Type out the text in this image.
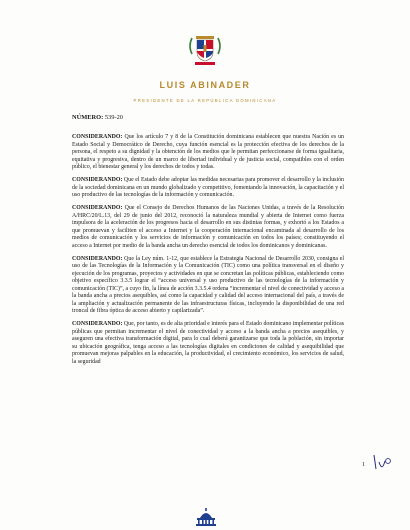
LUIS ABINADER
PRESIDENTE DE LA REPÚBLICA DOMINICANA
NÚMERO: 539-20

CONSIDERANDO: Que los artículo 7 y 8 de la Constitución dominicana establecen que nuestra Nación es un Estado Social y Democrático de Derecho, cuya función esencial es la protección efectiva de los derechos de la persona, el respeto a su dignidad y la obtención de los medios que le permitan perfeccionarse de forma igualitaria, equitativa y progresiva, dentro de un marco de libertad individual y de justicia social, compatibles con el orden público, el bienestar general y los derechos de todos y todas.

CONSIDERANDO: Que el Estado debe adoptar las medidas necesarias para promover el desarrollo y la inclusión de la sociedad dominicana en un mundo globalizado y competitivo, fomentando la innovación, la capacitación y el uso productivo de las tecnologías de la información y comunicación.

CONSIDERANDO: Que el Consejo de Derechos Humanos de las Naciones Unidas, a través de la Resolución A/HRC/20/L.13, del 29 de junio del 2012, reconoció la naturaleza mundial y abierta de Internet como fuerza impulsora de la aceleración de los progresos hacia el desarrollo en sus distintas formas, y exhortó a los Estados a que promuevan y faciliten el acceso a Internet y la cooperación internacional encaminada al desarrollo de los medios de comunicación y los servicios de información y comunicación en todos los países; constituyendo el acceso a Internet por medio de la banda ancha un derecho esencial de todos los dominicanos y dominicanas.

CONSIDERANDO: Que la Ley núm. 1-12, que establece la Estrategia Nacional de Desarrollo 2030, consigna el uso de las Tecnologías de la Información y la Comunicación (TIC) como una política transversal en el diseño y ejecución de los programas, proyectos y actividades en que se concretan las políticas públicas, estableciendo como objetivo específico 3.3.5 lograr el “acceso universal y uso productivo de las tecnologías de la información y comunicación (TIC)”, a cuyo fin, la línea de acción 3.3.5.4 ordena “incrementar el nivel de conectividad y acceso a la banda ancha a precios asequibles, así como la capacidad y calidad del acceso internacional del país, a través de la ampliación y actualización permanente de las infraestructuras físicas, incluyendo la disponibilidad de una red troncal de fibra óptica de acceso abierto y capilarizada”.

CONSIDERANDO: Que, por tanto, es de alta prioridad e interés para el Estado dominicano implementar políticas públicas que permitan incrementar el nivel de conectividad y acceso a la banda ancha a precios asequibles, y aseguren una efectiva transformación digital, para lo cual deberá garantizarse que toda la población, sin importar su ubicación geográfica, tenga acceso a las tecnologías digitales en condiciones de calidad y asequibilidad que promuevan mejoras palpables en la educación, la productividad, el crecimiento económico, los servicios de salud, la seguridad

1
